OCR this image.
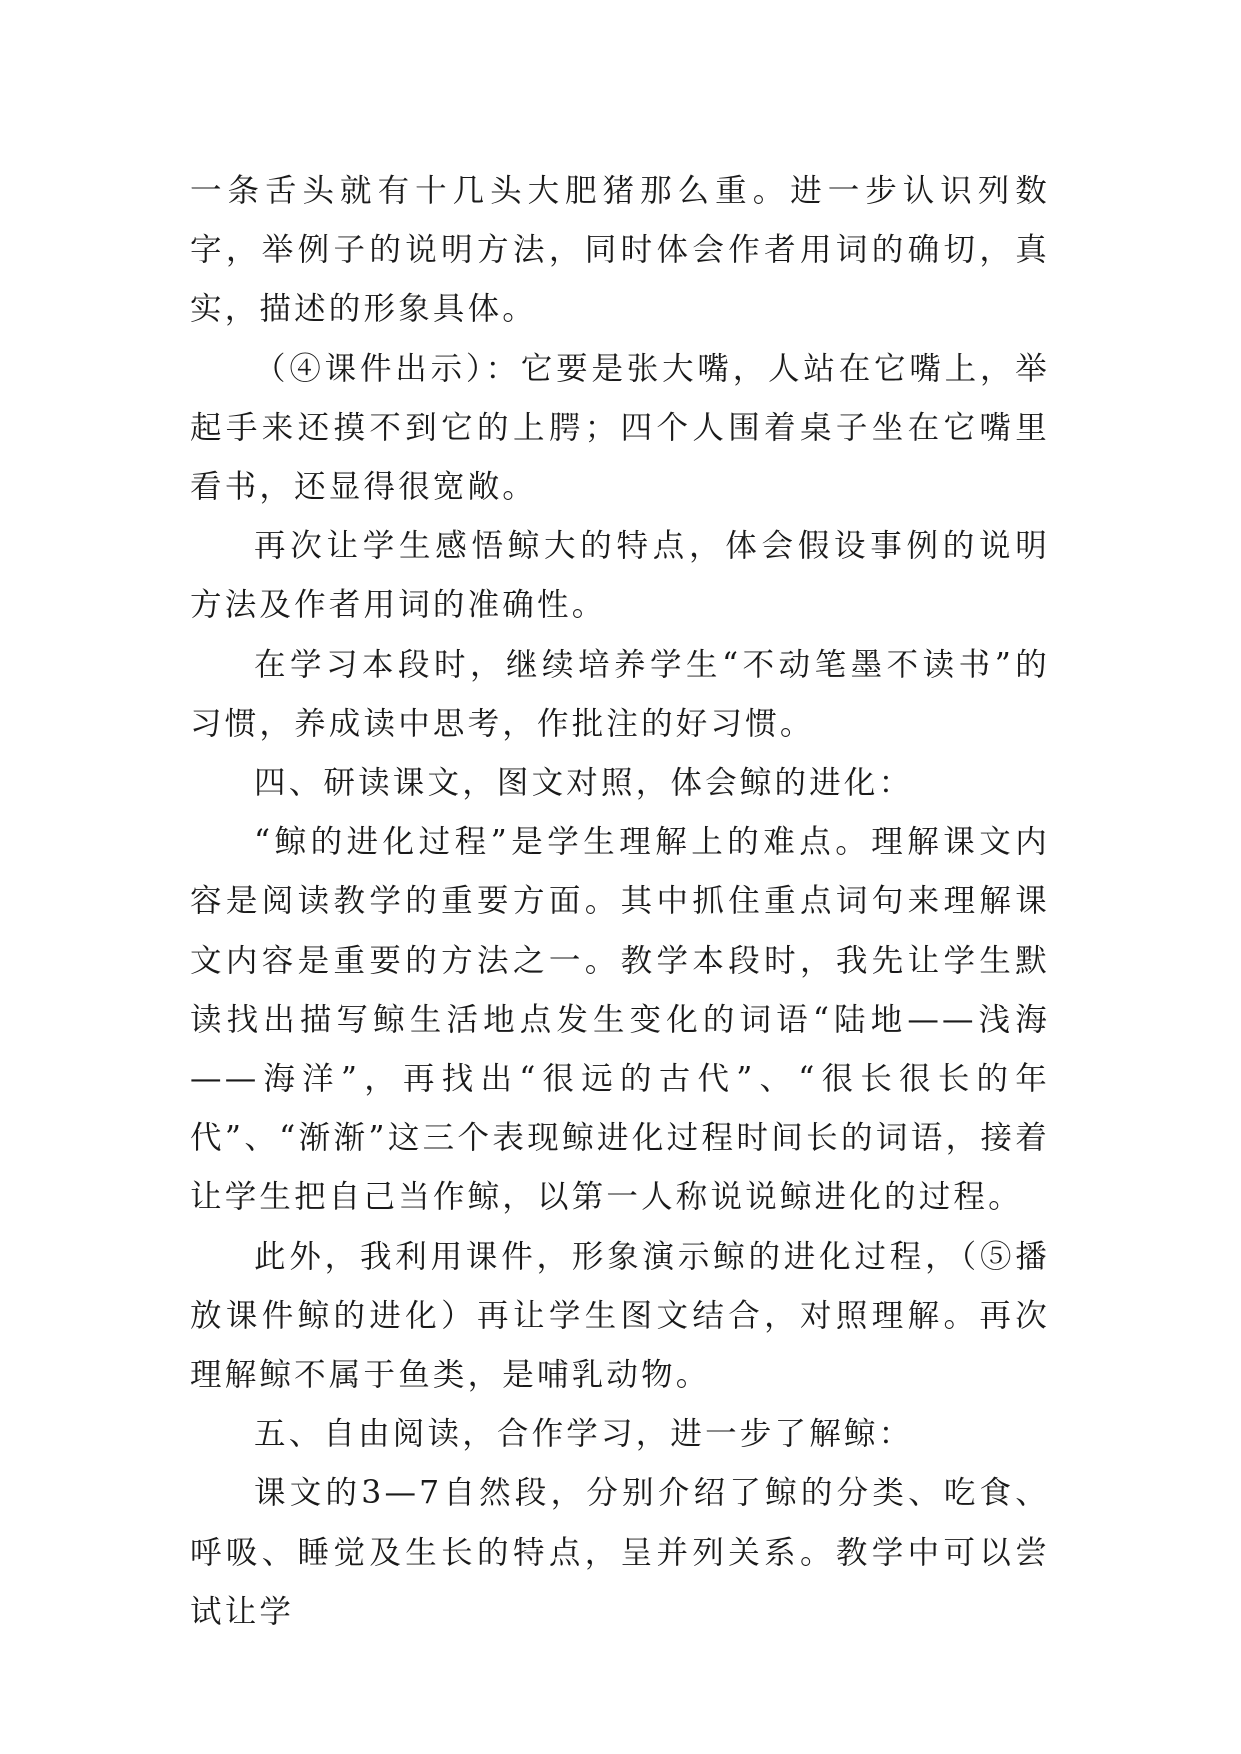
一条舌头就有十几头大肥猪那么重。进一步认识列数字，举例子的说明方法，同时体会作者用词的确切，真实，描述的形象具体。

（④课件出示）：它要是张大嘴，人站在它嘴上，举起手来还摸不到它的上腭；四个人围着桌子坐在它嘴里看书，还显得很宽敞。

再次让学生感悟鲸大的特点，体会假设事例的说明方法及作者用词的准确性。

在学习本段时，继续培养学生“不动笔墨不读书”的习惯，养成读中思考，作批注的好习惯。

四、研读课文，图文对照，体会鲸的进化：

“鲸的进化过程”是学生理解上的难点。理解课文内容是阅读教学的重要方面。其中抓住重点词句来理解课文内容是重要的方法之一。教学本段时，我先让学生默读找出描写鲸生活地点发生变化的词语“陆地——浅海——海洋”，再找出“很远的古代”、“很长很长的年代”、“渐渐”这三个表现鲸进化过程时间长的词语，接着让学生把自己当作鲸，以第一人称说说鲸进化的过程。

此外，我利用课件，形象演示鲸的进化过程，（⑤播放课件鲸的进化）再让学生图文结合，对照理解。再次理解鲸不属于鱼类，是哺乳动物。

五、自由阅读，合作学习，进一步了解鲸：

课文的3—7自然段，分别介绍了鲸的分类、吃食、呼吸、睡觉及生长的特点，呈并列关系。教学中可以尝试让学
